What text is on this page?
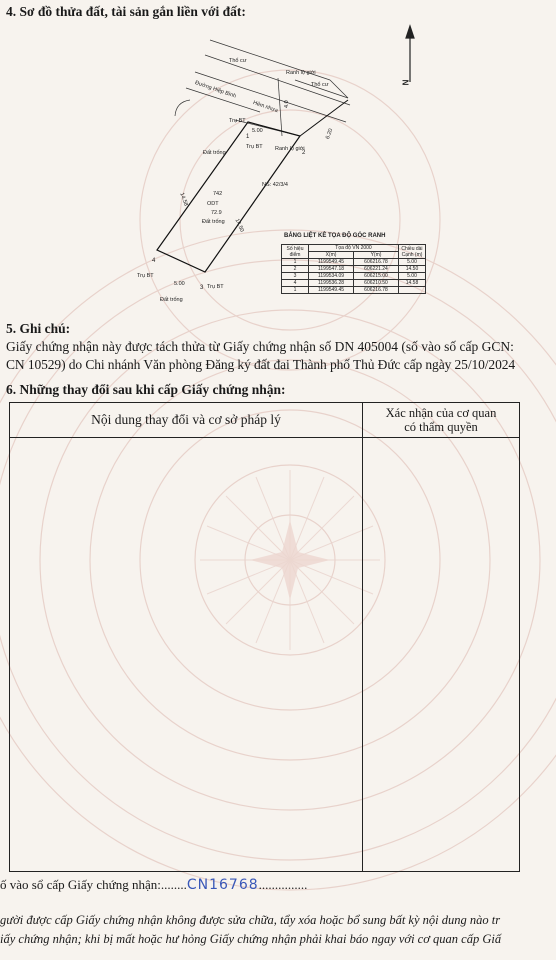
4. Sơ đồ thửa đất, tài sản gắn liền với đất:
Thổ cư
Ranh lộ giới
Thổ cư
Đường Hiệp Bình
Hẻm nhựa
Trụ BT
4.0
5.00
Trụ BT Ranh lộ giới
6.20
Đất trống
NS: 42/3/4
742
ODT
72.9
Đất trống
14.58
14.50
Trụ BT
5.00	Trụ BT
Đất trống
1
2
3
4
N
BẢNG LIỆT KÊ TỌA ĐỘ GÓC RANH
Số hiệu điểm	Tọa độ VN 2000		Chiều dài Cạnh (m)
	X(m)	Y(m)	
1	1199549.45	606216.78	5.00
2	1199547.18	606221.24	14.50
3	1199534.09	606215.00	5.00
4	1199536.28	606210.50	14.58
1	1199549.45	606216.78	
5. Ghi chú:
Giấy chứng nhận này được tách thửa từ Giấy chứng nhận số DN 405004 (số vào số cấp GCN:
CN 10529) do Chi nhánh Văn phòng Đăng ký đất đai Thành phố Thủ Đức cấp ngày 25/10/2024
6. Những thay đổi sau khi cấp Giấy chứng nhận:
Nội dung thay đổi và cơ sở pháp lý	Xác nhận của cơ quan
có thẩm quyền
ố vào sổ cấp Giấy chứng nhận:........CN16768...............
gười được cấp Giấy chứng nhận không được sửa chữa, tẩy xóa hoặc bổ sung bất kỳ nội dung nào tr
iấy chứng nhận; khi bị mất hoặc hư hỏng Giấy chứng nhận phải khai báo ngay với cơ quan cấp Giấ
